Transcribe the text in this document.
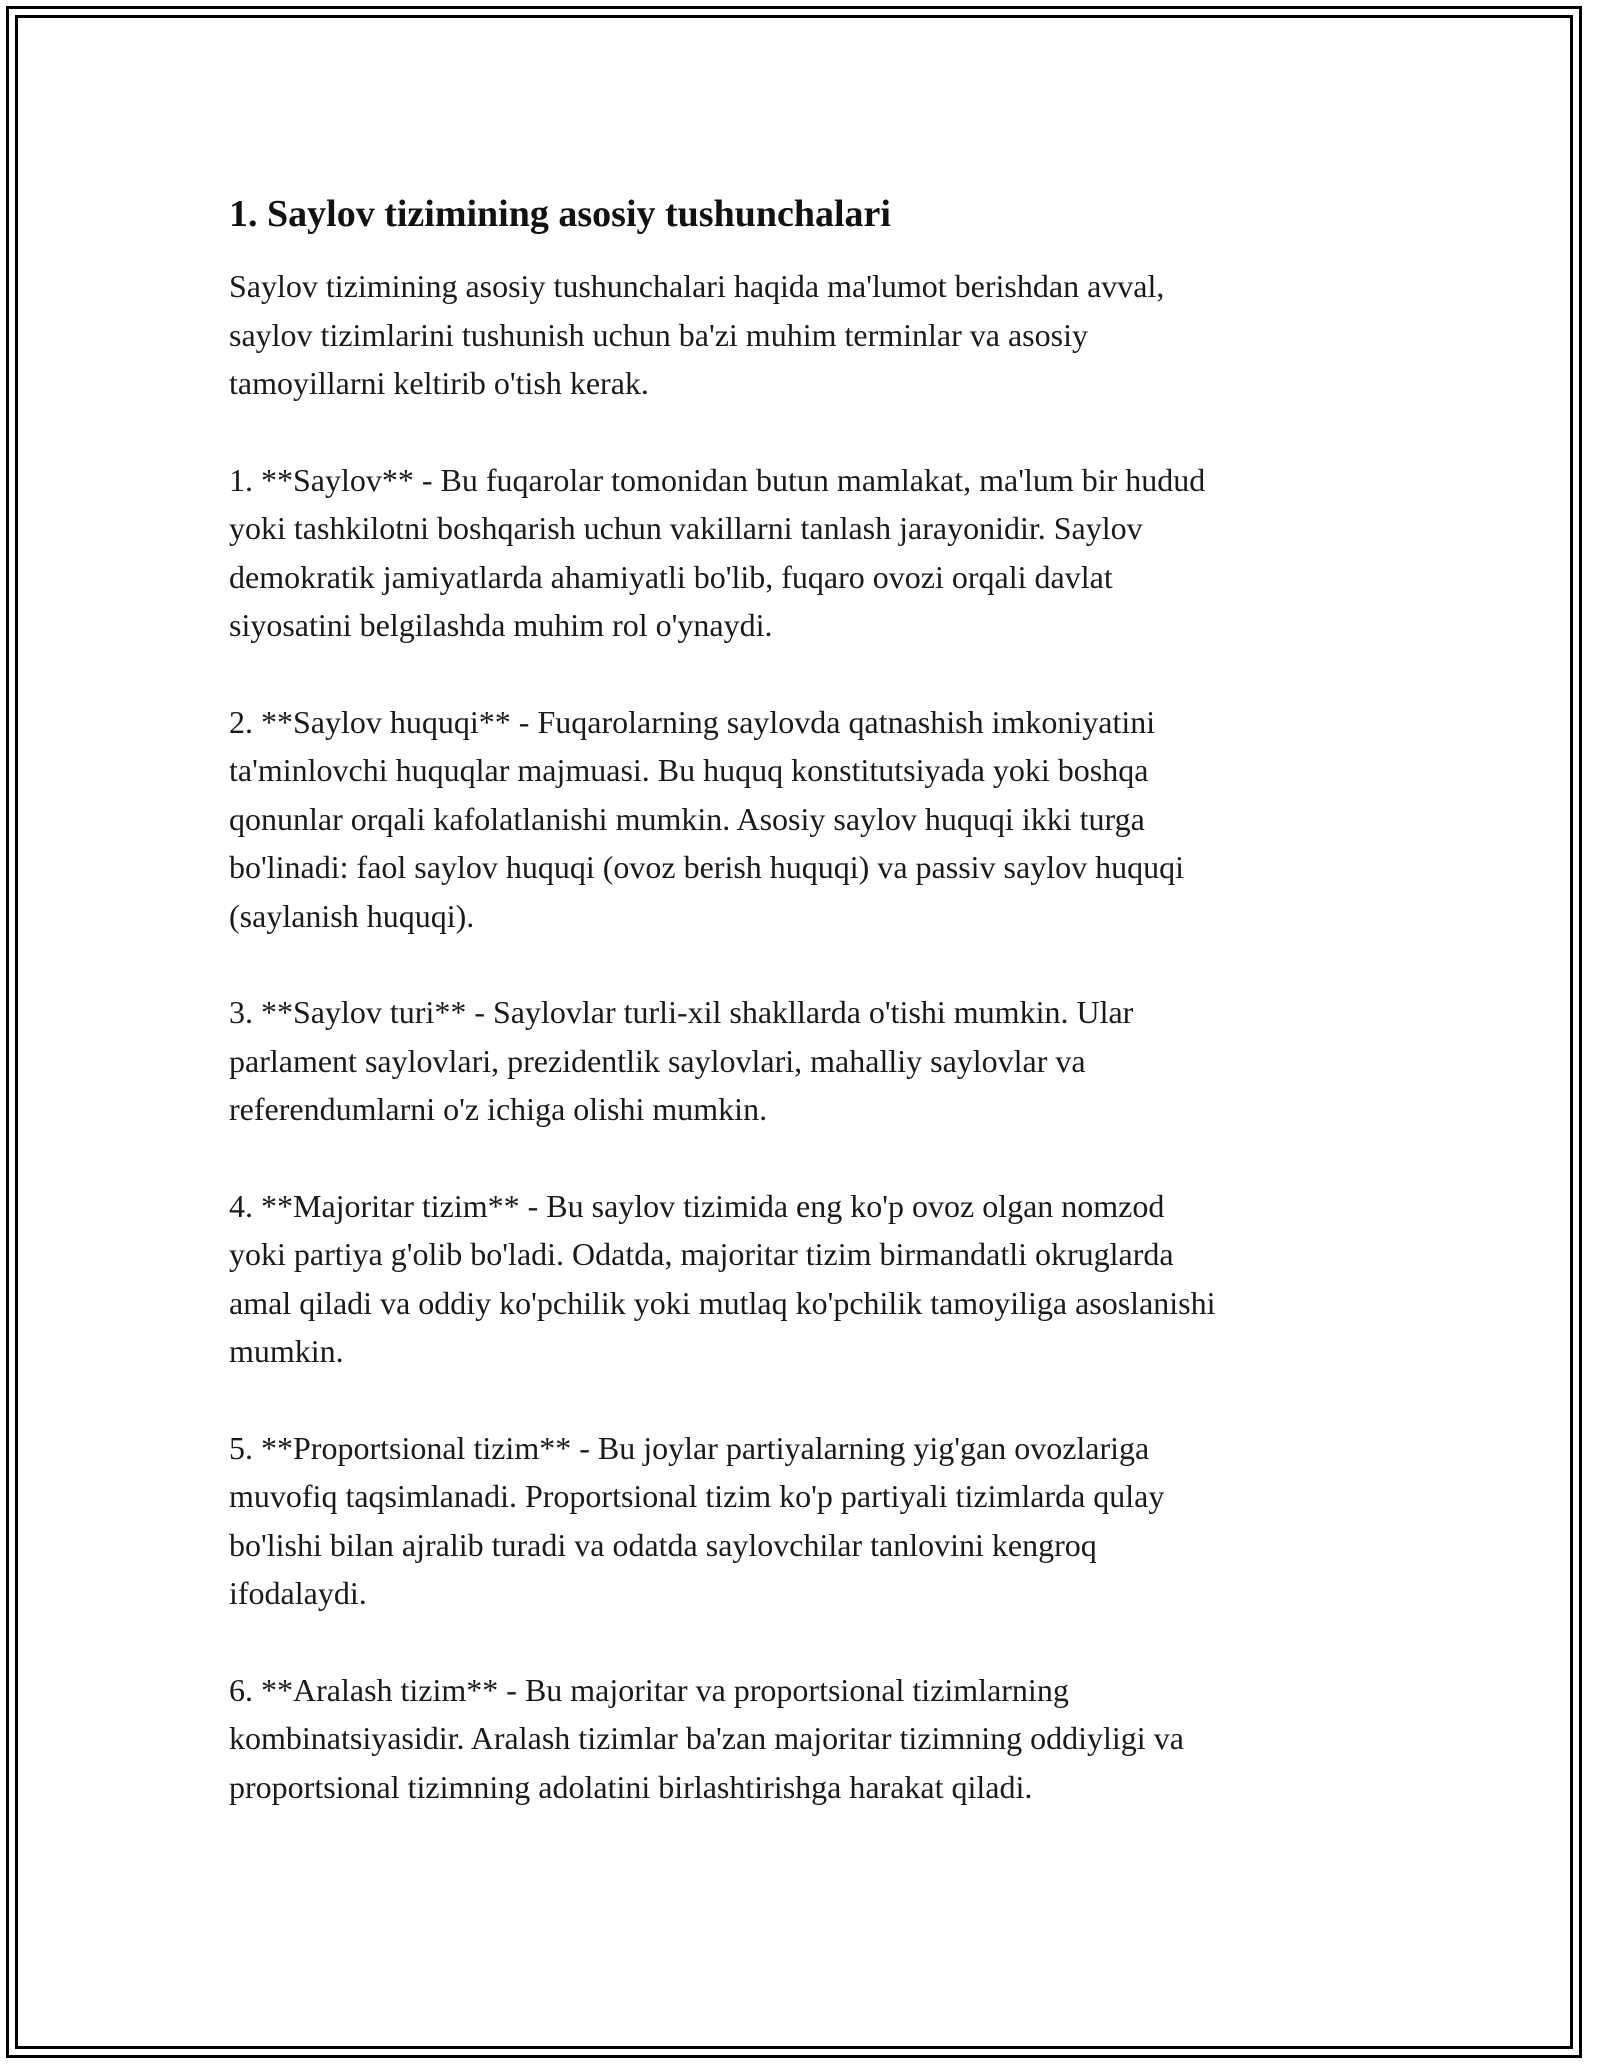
1. Saylov tizimining asosiy tushunchalari

Saylov tizimining asosiy tushunchalari haqida ma'lumot berishdan avval,
saylov tizimlarini tushunish uchun ba'zi muhim terminlar va asosiy
tamoyillarni keltirib o'tish kerak.

1. **Saylov** - Bu fuqarolar tomonidan butun mamlakat, ma'lum bir hudud
yoki tashkilotni boshqarish uchun vakillarni tanlash jarayonidir. Saylov
demokratik jamiyatlarda ahamiyatli bo'lib, fuqaro ovozi orqali davlat
siyosatini belgilashda muhim rol o'ynaydi.

2. **Saylov huquqi** - Fuqarolarning saylovda qatnashish imkoniyatini
ta'minlovchi huquqlar majmuasi. Bu huquq konstitutsiyada yoki boshqa
qonunlar orqali kafolatlanishi mumkin. Asosiy saylov huquqi ikki turga
bo'linadi: faol saylov huquqi (ovoz berish huquqi) va passiv saylov huquqi
(saylanish huquqi).

3. **Saylov turi** - Saylovlar turli-xil shakllarda o'tishi mumkin. Ular
parlament saylovlari, prezidentlik saylovlari, mahalliy saylovlar va
referendumlarni o'z ichiga olishi mumkin.

4. **Majoritar tizim** - Bu saylov tizimida eng ko'p ovoz olgan nomzod
yoki partiya g'olib bo'ladi. Odatda, majoritar tizim birmandatli okruglarda
amal qiladi va oddiy ko'pchilik yoki mutlaq ko'pchilik tamoyiliga asoslanishi
mumkin.

5. **Proportsional tizim** - Bu joylar partiyalarning yig'gan ovozlariga
muvofiq taqsimlanadi. Proportsional tizim ko'p partiyali tizimlarda qulay
bo'lishi bilan ajralib turadi va odatda saylovchilar tanlovini kengroq
ifodalaydi.

6. **Aralash tizim** - Bu majoritar va proportsional tizimlarning
kombinatsiyasidir. Aralash tizimlar ba'zan majoritar tizimning oddiyligi va
proportsional tizimning adolatini birlashtirishga harakat qiladi.
